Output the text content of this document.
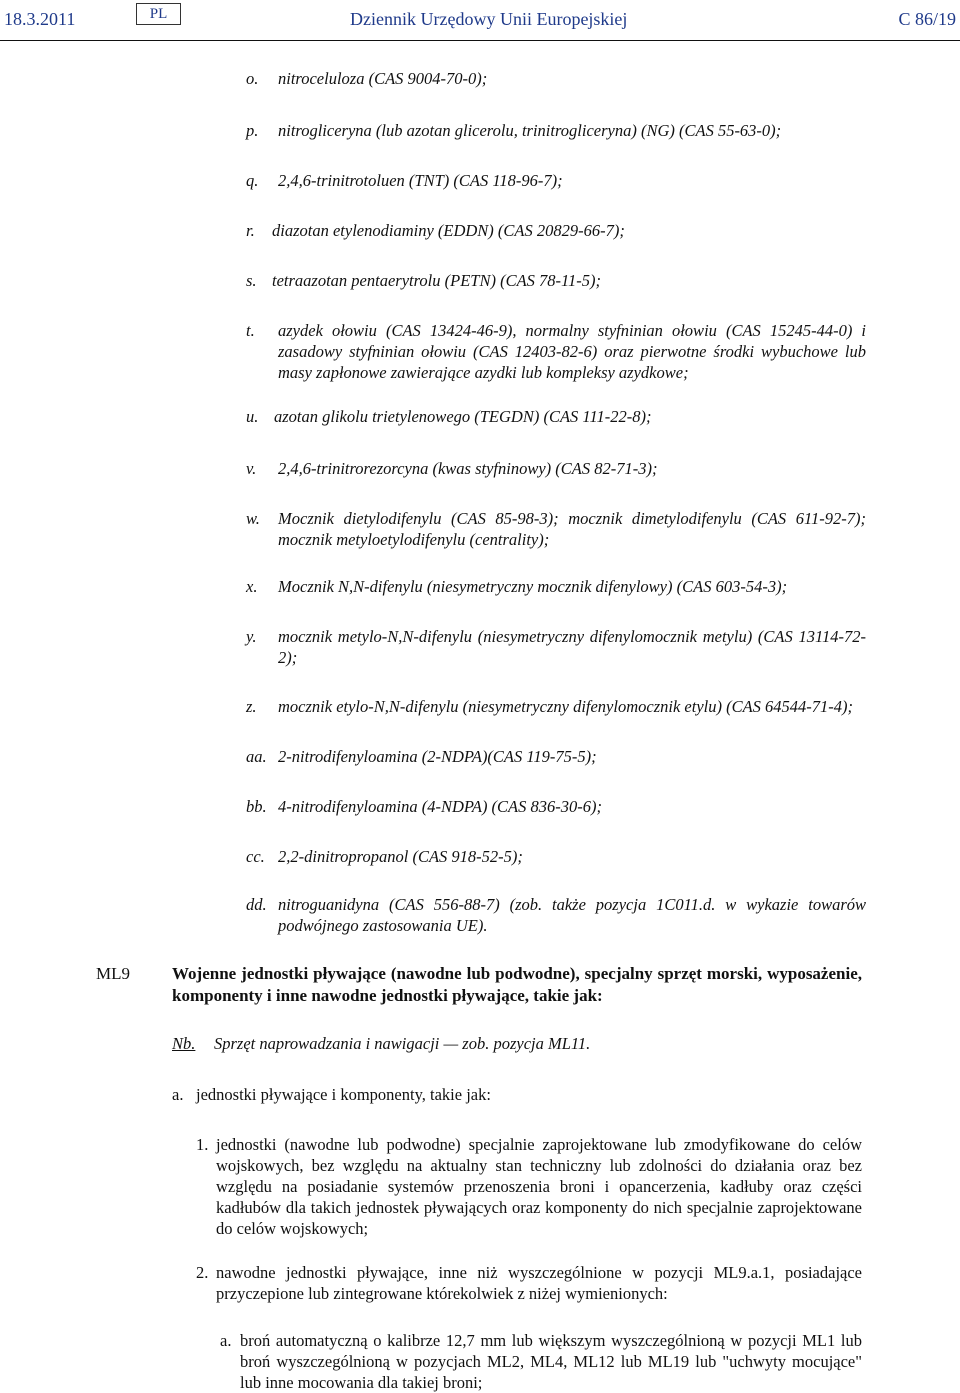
18.3.2011	PL	Dziennik Urzędowy Unii Europejskiej	C 86/19
o. nitroceluloza (CAS 9004-70-0);
p. nitrogliceryna (lub azotan glicerolu, trinitrogliceryna) (NG) (CAS 55-63-0);
q. 2,4,6-trinitrotoluen (TNT) (CAS 118-96-7);
r. diazotan etylenodiaminy (EDDN) (CAS 20829-66-7);
s. tetraazotan pentaerytrolu (PETN) (CAS 78-11-5);
t. azydek ołowiu (CAS 13424-46-9), normalny styfninian ołowiu (CAS 15245-44-0) i zasadowy styfninian ołowiu (CAS 12403-82-6) oraz pierwotne środki wybuchowe lub masy zapłonowe zawierające azydki lub kompleksy azydkowe;
u. azotan glikolu trietylenowego (TEGDN) (CAS 111-22-8);
v. 2,4,6-trinitrorezorcyna (kwas styfninowy) (CAS 82-71-3);
w. Mocznik dietylodifenylu (CAS 85-98-3); mocznik dimetylodifenylu (CAS 611-92-7); mocznik metyloetylodifenylu (centrality);
x. Mocznik N,N-difenylu (niesymetryczny mocznik difenylowy) (CAS 603-54-3);
y. mocznik metylo-N,N-difenylu (niesymetryczny difenylomocznik metylu) (CAS 13114-72-2);
z. mocznik etylo-N,N-difenylu (niesymetryczny difenylomocznik etylu) (CAS 64544-71-4);
aa. 2-nitrodifenyloamina (2-NDPA)(CAS 119-75-5);
bb. 4-nitrodifenyloamina (4-NDPA) (CAS 836-30-6);
cc. 2,2-dinitropropanol (CAS 918-52-5);
dd. nitroguanidyna (CAS 556-88-7) (zob. także pozycja 1C011.d. w wykazie towarów podwójnego zastosowania UE).
ML9 Wojenne jednostki pływające (nawodne lub podwodne), specjalny sprzęt morski, wyposażenie, komponenty i inne nawodne jednostki pływające, takie jak:
Nb. Sprzęt naprowadzania i nawigacji — zob. pozycja ML11.
a. jednostki pływające i komponenty, takie jak:
1. jednostki (nawodne lub podwodne) specjalnie zaprojektowane lub zmodyfikowane do celów wojskowych, bez względu na aktualny stan techniczny lub zdolności do działania oraz bez względu na posiadanie systemów przenoszenia broni i opancerzenia, kadłuby oraz części kadłubów dla takich jednostek pływających oraz komponenty do nich specjalnie zaprojektowane do celów wojskowych;
2. nawodne jednostki pływające, inne niż wyszczególnione w pozycji ML9.a.1, posiadające przyczepione lub zintegrowane którekolwiek z niżej wymienionych:
a. broń automatyczną o kalibrze 12,7 mm lub większym wyszczególnioną w pozycji ML1 lub broń wyszczególnioną w pozycjach ML2, ML4, ML12 lub ML19 lub "uchwyty mocujące" lub inne mocowania dla takiej broni;
